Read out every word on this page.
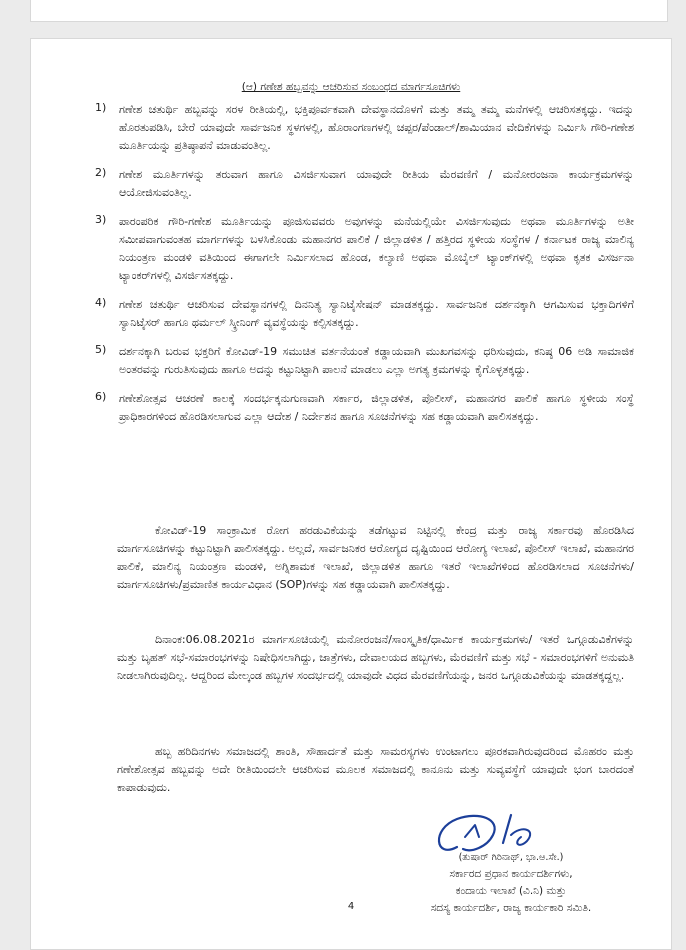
(ಆ) ಗಣೇಶ ಹಬ್ಬವನ್ನು ಆಚರಿಸುವ ಸಂಬಂಧದ ಮಾರ್ಗಸೂಚಿಗಳು
1) ಗಣೇಶ ಚತುರ್ಥಿ ಹಬ್ಬವನ್ನು ಸರಳ ರೀತಿಯಲ್ಲಿ, ಭಕ್ತಿಪೂರ್ವಕವಾಗಿ ದೇವಸ್ಥಾನದೊಳಗೆ ಮತ್ತು ತಮ್ಮ ತಮ್ಮ ಮನೆಗಳಲ್ಲಿ ಆಚರಿಸತಕ್ಕದ್ದು. ಇದನ್ನು ಹೊರತುಪಡಿಸಿ, ಬೇರೆ ಯಾವುದೇ ಸಾರ್ವಜನಿಕ ಸ್ಥಳಗಳಲ್ಲಿ, ಹೊರಾಂಗಣಗಳಲ್ಲಿ ಚಪ್ಪರ/ಪೆಂಡಾಲ್/ಶಾಮಿಯಾನ ವೇದಿಕೆಗಳನ್ನು ನಿರ್ಮಿಸಿ ಗೌರಿ-ಗಣೇಶ ಮೂರ್ತಿಯನ್ನು ಪ್ರತಿಷ್ಠಾಪನೆ ಮಾಡುವಂತಿಲ್ಲ.
2) ಗಣೇಶ ಮೂರ್ತಿಗಳನ್ನು ತರುವಾಗ ಹಾಗೂ ವಿಸರ್ಜಿಸುವಾಗ ಯಾವುದೇ ರೀತಿಯ ಮೆರವಣಿಗೆ / ಮನೋರಂಜನಾ ಕಾರ್ಯಕ್ರಮಗಳನ್ನು ಆಯೋಜಿಸುವಂತಿಲ್ಲ.
3) ಪಾರಂಪರಿಕ ಗೌರಿ-ಗಣೇಶ ಮೂರ್ತಿಯನ್ನು ಪೂಜಿಸುವವರು ಅವುಗಳನ್ನು ಮನೆಯಲ್ಲಿಯೇ ವಿಸರ್ಜಿಸುವುದು ಅಥವಾ ಮೂರ್ತಿಗಳನ್ನು ಅತೀ ಸಮೀಪವಾಗುವಂತಹ ಮಾರ್ಗಗಳನ್ನು ಬಳಸಿಕೊಂಡು ಮಹಾನಗರ ಪಾಲಿಕೆ / ಜಿಲ್ಲಾಡಳಿತ / ಹತ್ತಿರದ ಸ್ಥಳೀಯ ಸಂಸ್ಥೆಗಳ / ಕರ್ನಾಟಕ ರಾಜ್ಯ ಮಾಲಿನ್ಯ ನಿಯಂತ್ರಣ ಮಂಡಳಿ ವತಿಯಿಂದ ಈಗಾಗಲೇ ನಿರ್ಮಿಸಲಾದ ಹೊಂಡ, ಕಲ್ಯಾಣಿ ಅಥವಾ ಮೊಬೈಲ್ ಟ್ಯಾಂಕ್‌ಗಳಲ್ಲಿ ಅಥವಾ ಕೃತಕ ವಿಸರ್ಜನಾ ಟ್ಯಾಂಕರ್‌ಗಳಲ್ಲಿ ವಿಸರ್ಜಿಸತಕ್ಕದ್ದು.
4) ಗಣೇಶ ಚತುರ್ಥಿ ಆಚರಿಸುವ ದೇವಸ್ಥಾನಗಳಲ್ಲಿ ದಿನನಿತ್ಯ ಸ್ಯಾನಿಟೈಸೇಷನ್ ಮಾಡತಕ್ಕದ್ದು. ಸಾರ್ವಜನಿಕ ದರ್ಶನಕ್ಕಾಗಿ ಆಗಮಿಸುವ ಭಕ್ತಾದಿಗಳಿಗೆ ಸ್ಯಾನಿಟೈಸರ್ ಹಾಗೂ ಥರ್ಮಲ್ ಸ್ಕ್ರೀನಿಂಗ್ ವ್ಯವಸ್ಥೆಯನ್ನು ಕಲ್ಪಿಸತಕ್ಕದ್ದು.
5) ದರ್ಶನಕ್ಕಾಗಿ ಬರುವ ಭಕ್ತರಿಗೆ ಕೋವಿಡ್-19 ಸಮುಚಿತ ವರ್ತನೆಯಂತೆ ಕಡ್ಡಾಯವಾಗಿ ಮುಖಗವಸನ್ನು ಧರಿಸುವುದು, ಕನಿಷ್ಠ 06 ಅಡಿ ಸಾಮಾಜಿಕ ಅಂತರವನ್ನು ಗುರುತಿಸುವುದು ಹಾಗೂ ಅದನ್ನು ಕಟ್ಟುನಿಟ್ಟಾಗಿ ಪಾಲನೆ ಮಾಡಲು ಎಲ್ಲಾ ಅಗತ್ಯ ಕ್ರಮಗಳನ್ನು ಕೈಗೊಳ್ಳತಕ್ಕದ್ದು.
6) ಗಣೇಶೋತ್ಸವ ಆಚರಣೆ ಕಾಲಕ್ಕೆ ಸಂದರ್ಭಕ್ಕನುಗುಣವಾಗಿ ಸರ್ಕಾರ, ಜಿಲ್ಲಾಡಳಿತ, ಪೊಲೀಸ್, ಮಹಾನಗರ ಪಾಲಿಕೆ ಹಾಗೂ ಸ್ಥಳೀಯ ಸಂಸ್ಥೆ ಪ್ರಾಧಿಕಾರಗಳಿಂದ ಹೊರಡಿಸಲಾಗುವ ಎಲ್ಲಾ ಆದೇಶ / ನಿರ್ದೇಶನ ಹಾಗೂ ಸೂಚನೆಗಳನ್ನು ಸಹ ಕಡ್ಡಾಯವಾಗಿ ಪಾಲಿಸತಕ್ಕದ್ದು.
ಕೋವಿಡ್-19 ಸಾಂಕ್ರಾಮಿಕ ರೋಗ ಹರಡುವಿಕೆಯನ್ನು ತಡೆಗಟ್ಟುವ ನಿಟ್ಟಿನಲ್ಲಿ ಕೇಂದ್ರ ಮತ್ತು ರಾಜ್ಯ ಸರ್ಕಾರವು ಹೊರಡಿಸಿದ ಮಾರ್ಗಸೂಚಿಗಳನ್ನು ಕಟ್ಟುನಿಟ್ಟಾಗಿ ಪಾಲಿಸತಕ್ಕದ್ದು. ಅಲ್ಲದೆ, ಸಾರ್ವಜನಿಕರ ಆರೋಗ್ಯದ ದೃಷ್ಟಿಯಿಂದ ಆರೋಗ್ಯ ಇಲಾಖೆ, ಪೊಲೀಸ್ ಇಲಾಖೆ, ಮಹಾನಗರ ಪಾಲಿಕೆ, ಮಾಲಿನ್ಯ ನಿಯಂತ್ರಣ ಮಂಡಳಿ, ಅಗ್ನಿಶಾಮಕ ಇಲಾಖೆ, ಜಿಲ್ಲಾಡಳಿತ ಹಾಗೂ ಇತರೆ ಇಲಾಖೆಗಳಿಂದ ಹೊರಡಿಸಲಾದ ಸೂಚನೆಗಳು/ಮಾರ್ಗಸೂಚಿಗಳು/ಪ್ರಮಾಣಿತ ಕಾರ್ಯವಿಧಾನ (SOP)ಗಳನ್ನು ಸಹ ಕಡ್ಡಾಯವಾಗಿ ಪಾಲಿಸತಕ್ಕದ್ದು.
ದಿನಾಂಕ:06.08.2021ರ ಮಾರ್ಗಸೂಚಿಯಲ್ಲಿ ಮನೋರಂಜನೆ/ಸಾಂಸ್ಕೃತಿಕ/ಧಾರ್ಮಿಕ ಕಾರ್ಯಕ್ರಮಗಳು/ ಇತರೆ ಒಗ್ಗೂಡುವಿಕೆಗಳನ್ನು ಮತ್ತು ಬೃಹತ್ ಸಭೆ-ಸಮಾರಂಭಗಳನ್ನು ನಿಷೇಧಿಸಲಾಗಿದ್ದು, ಜಾತ್ರೆಗಳು, ದೇವಾಲಯದ ಹಬ್ಬಗಳು, ಮೆರವಣಿಗೆ ಮತ್ತು ಸಭೆ - ಸಮಾರಂಭಗಳಿಗೆ ಅನುಮತಿ ನೀಡಲಾಗಿರುವುದಿಲ್ಲ. ಆದ್ದರಿಂದ ಮೇಲ್ಕಂಡ ಹಬ್ಬಗಳ ಸಂದರ್ಭದಲ್ಲಿ ಯಾವುದೇ ವಿಧದ ಮೆರವಣಿಗೆಯನ್ನು, ಜನರ ಒಗ್ಗೂಡುವಿಕೆಯನ್ನು ಮಾಡತಕ್ಕದ್ದಲ್ಲ.
ಹಬ್ಬ ಹರಿದಿನಗಳು ಸಮಾಜದಲ್ಲಿ ಶಾಂತಿ, ಸೌಹಾರ್ದತೆ ಮತ್ತು ಸಾಮರಸ್ಯಗಳು ಉಂಟಾಗಲು ಪೂರಕವಾಗಿರುವುದರಿಂದ ಮೊಹರಂ ಮತ್ತು ಗಣೇಶೋತ್ಸವ ಹಬ್ಬವನ್ನು ಅದೇ ರೀತಿಯಿಂದಲೇ ಆಚರಿಸುವ ಮೂಲಕ ಸಮಾಜದಲ್ಲಿ ಕಾನೂನು ಮತ್ತು ಸುವ್ಯವಸ್ಥೆಗೆ ಯಾವುದೇ ಭಂಗ ಬಾರದಂತೆ ಕಾಪಾಡುವುದು.
(ತುಷಾರ್ ಗಿರಿನಾಥ್, ಭಾ.ಆ.ಸೇ.)
ಸರ್ಕಾರದ ಪ್ರಧಾನ ಕಾರ್ಯದರ್ಶಿಗಳು,
ಕಂದಾಯ ಇಲಾಖೆ (ವಿ.ನಿ) ಮತ್ತು
ಸದಸ್ಯ ಕಾರ್ಯದರ್ಶಿ, ರಾಜ್ಯ ಕಾರ್ಯಕಾರಿ ಸಮಿತಿ.
4
